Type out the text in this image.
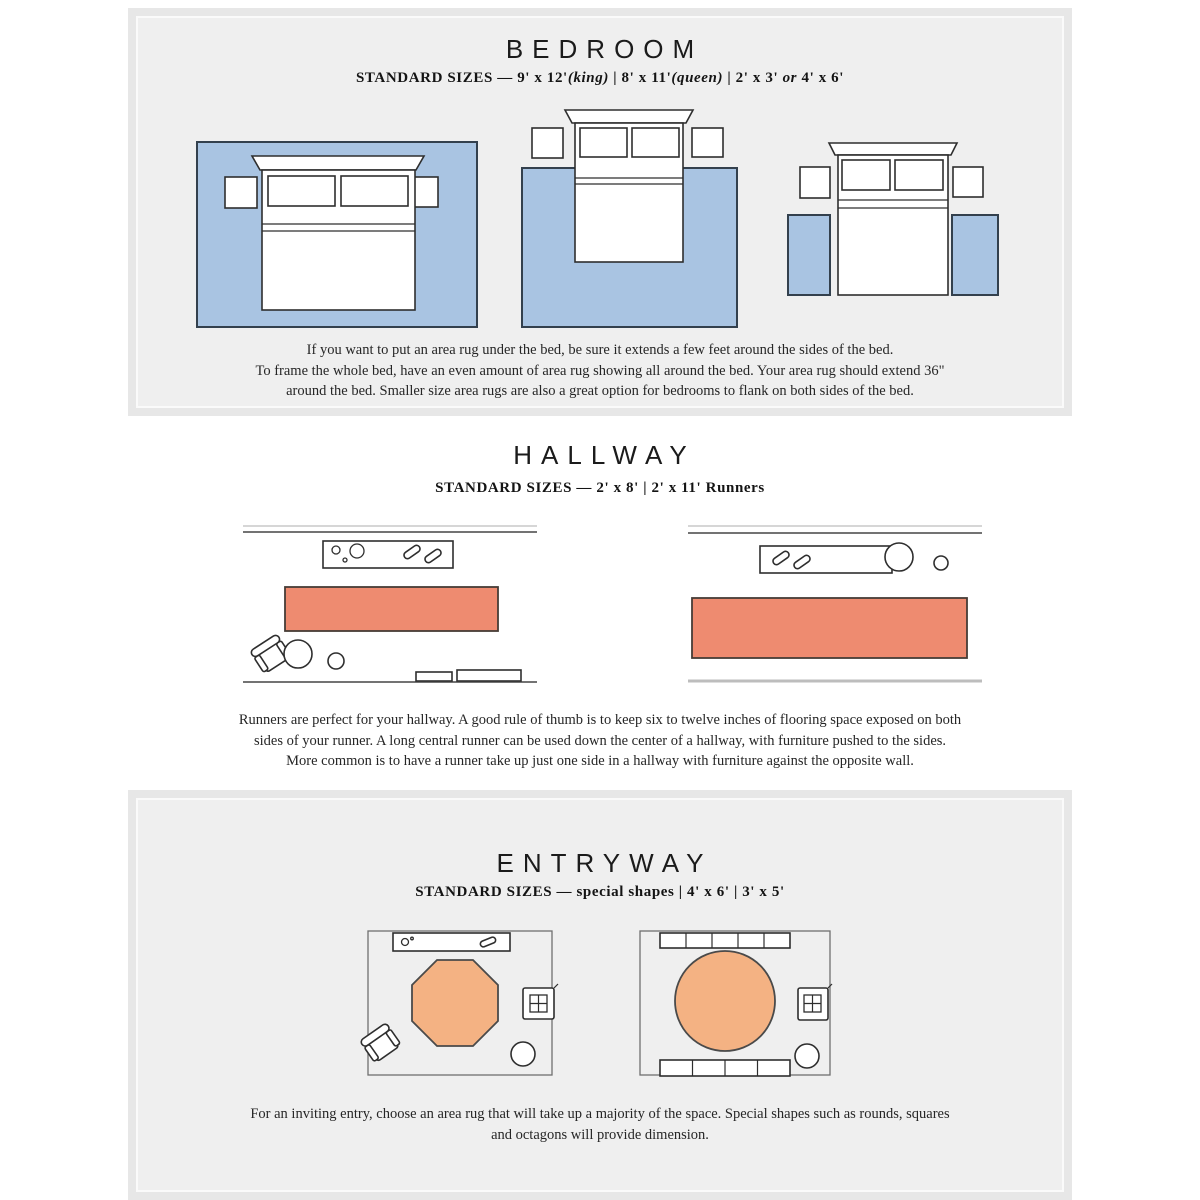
BEDROOM
STANDARD SIZES — 9' x 12'(king) | 8' x 11'(queen) | 2' x 3' or 4' x 6'
If you want to put an area rug under the bed, be sure it extends a few feet around the sides of the bed.
To frame the whole bed, have an even amount of area rug showing all around the bed. Your area rug should extend 36"
around the bed. Smaller size area rugs are also a great option for bedrooms to flank on both sides of the bed.
HALLWAY
STANDARD SIZES — 2' x 8' | 2' x 11' Runners
Runners are perfect for your hallway. A good rule of thumb is to keep six to twelve inches of flooring space exposed on both
sides of your runner. A long central runner can be used down the center of a hallway, with furniture pushed to the sides.
More common is to have a runner take up just one side in a hallway with furniture against the opposite wall.
ENTRYWAY
STANDARD SIZES — special shapes | 4' x 6' | 3' x 5'
For an inviting entry, choose an area rug that will take up a majority of the space. Special shapes such as rounds, squares
and octagons will provide dimension.
